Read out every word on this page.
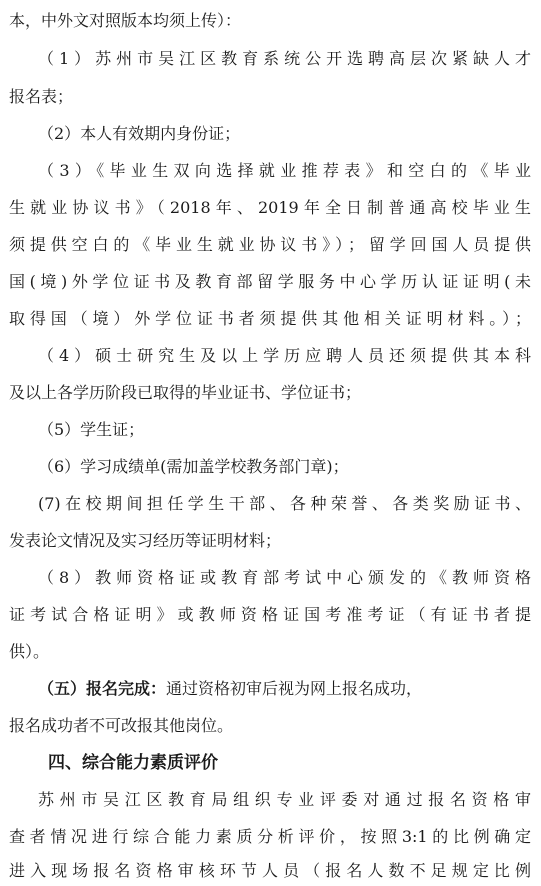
本，中外文对照版本均须上传）：
（1）苏州市吴江区教育系统公开选聘高层次紧缺人才
报名表；
（2）本人有效期内身份证；
（3）《毕业生双向选择就业推荐表》和空白的《毕业
生就业协议书》（2018年、2019年全日制普通高校毕业生
须提供空白的《毕业生就业协议书》）；留学回国人员提供
国(境)外学位证书及教育部留学服务中心学历认证证明(未
取得国（境）外学位证书者须提供其他相关证明材料。）；
（4）硕士研究生及以上学历应聘人员还须提供其本科
及以上各学历阶段已取得的毕业证书、学位证书；
（5）学生证；
（6）学习成绩单(需加盖学校教务部门章)；
(7)在校期间担任学生干部、各种荣誉、各类奖励证书、
发表论文情况及实习经历等证明材料；
（8）教师资格证或教育部考试中心颁发的《教师资格
证考试合格证明》或教师资格证国考准考证（有证书者提
供）。
（五）报名完成：通过资格初审后视为网上报名成功，
报名成功者不可改报其他岗位。
四、综合能力素质评价
苏州市吴江区教育局组织专业评委对通过报名资格审
查者情况进行综合能力素质分析评价，按照3:1的比例确定
进入现场报名资格审核环节人员（报名人数不足规定比例
